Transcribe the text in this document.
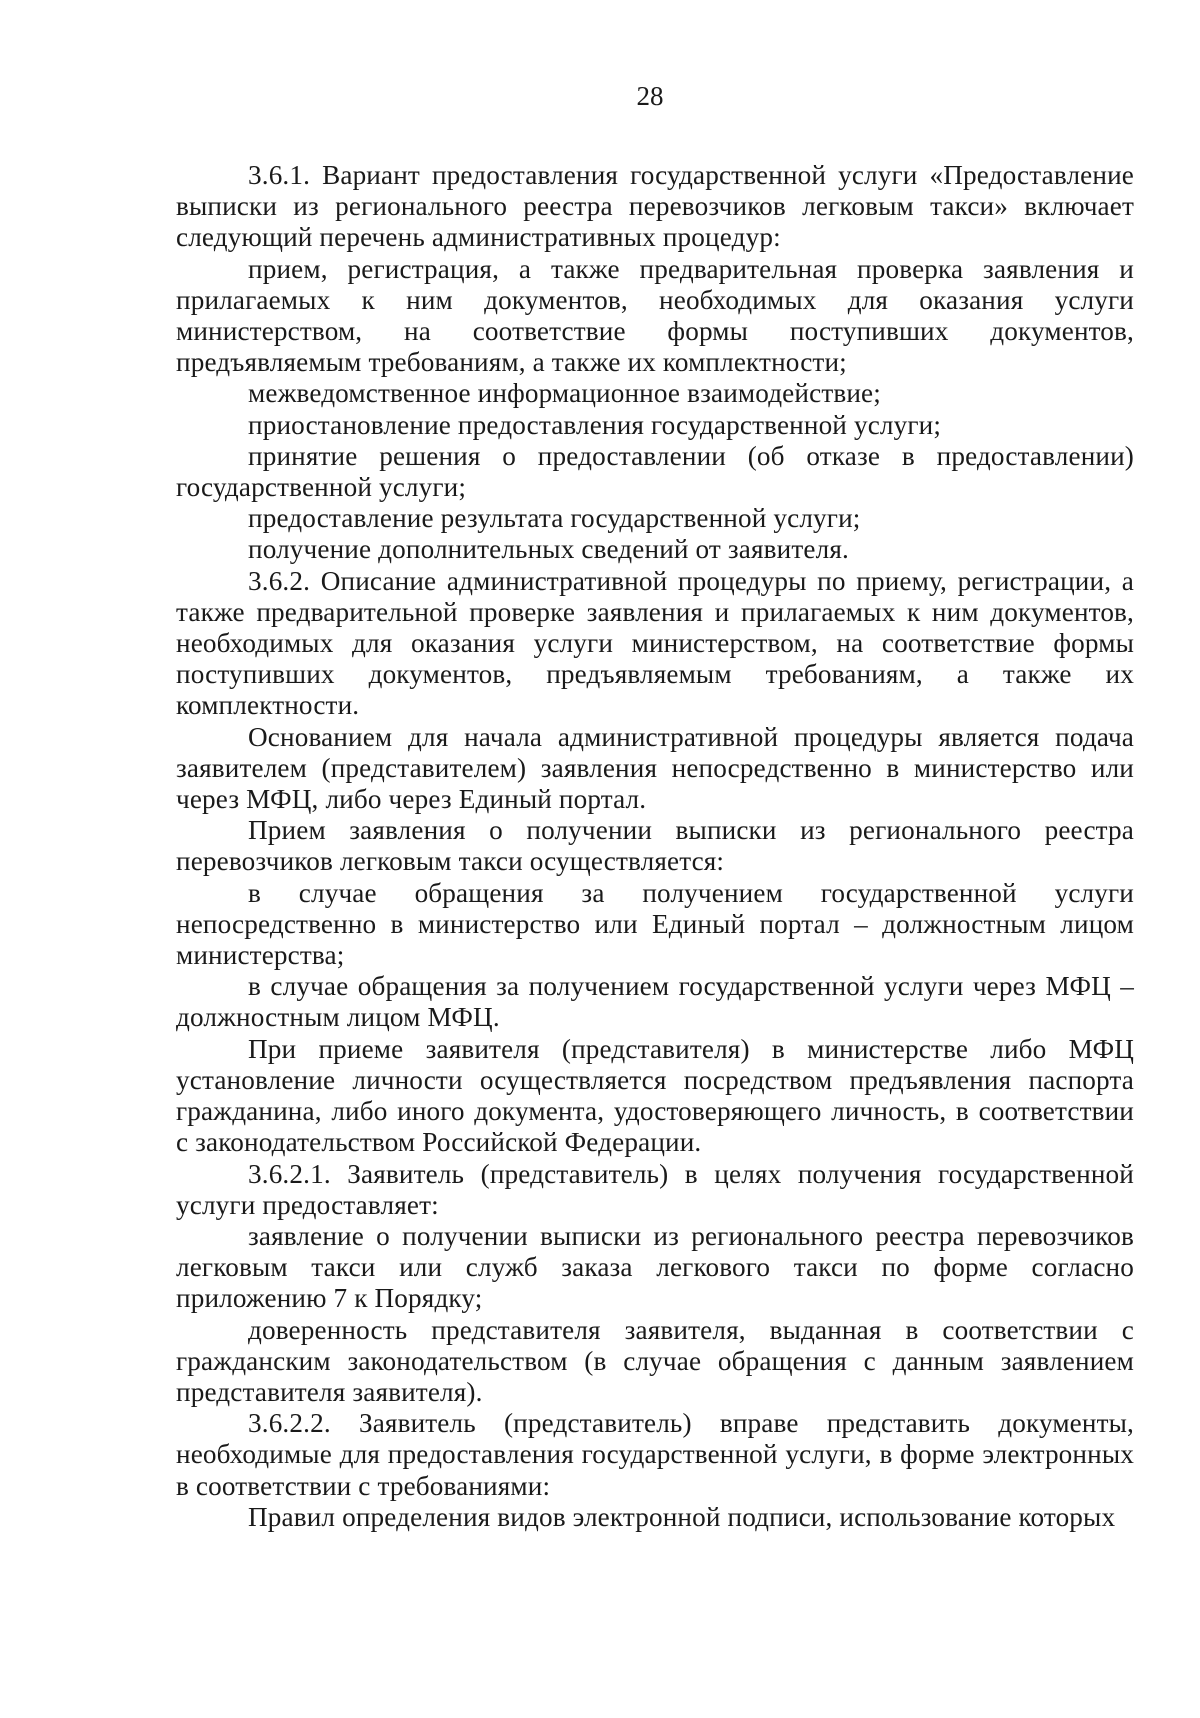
28

3.6.1. Вариант предоставления государственной услуги «Предоставление выписки из регионального реестра перевозчиков легковым такси» включает следующий перечень административных процедур:

прием, регистрация, а также предварительная проверка заявления и прилагаемых к ним документов, необходимых для оказания услуги министерством, на соответствие формы поступивших документов, предъявляемым требованиям, а также их комплектности;

межведомственное информационное взаимодействие;

приостановление предоставления государственной услуги;

принятие решения о предоставлении (об отказе в предоставлении) государственной услуги;

предоставление результата государственной услуги;

получение дополнительных сведений от заявителя.

3.6.2. Описание административной процедуры по приему, регистрации, а также предварительной проверке заявления и прилагаемых к ним документов, необходимых для оказания услуги министерством, на соответствие формы поступивших документов, предъявляемым требованиям, а также их комплектности.

Основанием для начала административной процедуры является подача заявителем (представителем) заявления непосредственно в министерство или через МФЦ, либо через Единый портал.

Прием заявления о получении выписки из регионального реестра перевозчиков легковым такси осуществляется:

в случае обращения за получением государственной услуги непосредственно в министерство или Единый портал – должностным лицом министерства;

в случае обращения за получением государственной услуги через МФЦ – должностным лицом МФЦ.

При приеме заявителя (представителя) в министерстве либо МФЦ установление личности осуществляется посредством предъявления паспорта гражданина, либо иного документа, удостоверяющего личность, в соответствии с законодательством Российской Федерации.

3.6.2.1. Заявитель (представитель) в целях получения государственной услуги предоставляет:

заявление о получении выписки из регионального реестра перевозчиков легковым такси или служб заказа легкового такси по форме согласно приложению 7 к Порядку;

доверенность представителя заявителя, выданная в соответствии с гражданским законодательством (в случае обращения с данным заявлением представителя заявителя).

3.6.2.2. Заявитель (представитель) вправе представить документы, необходимые для предоставления государственной услуги, в форме электронных в соответствии с требованиями:

Правил определения видов электронной подписи, использование которых
